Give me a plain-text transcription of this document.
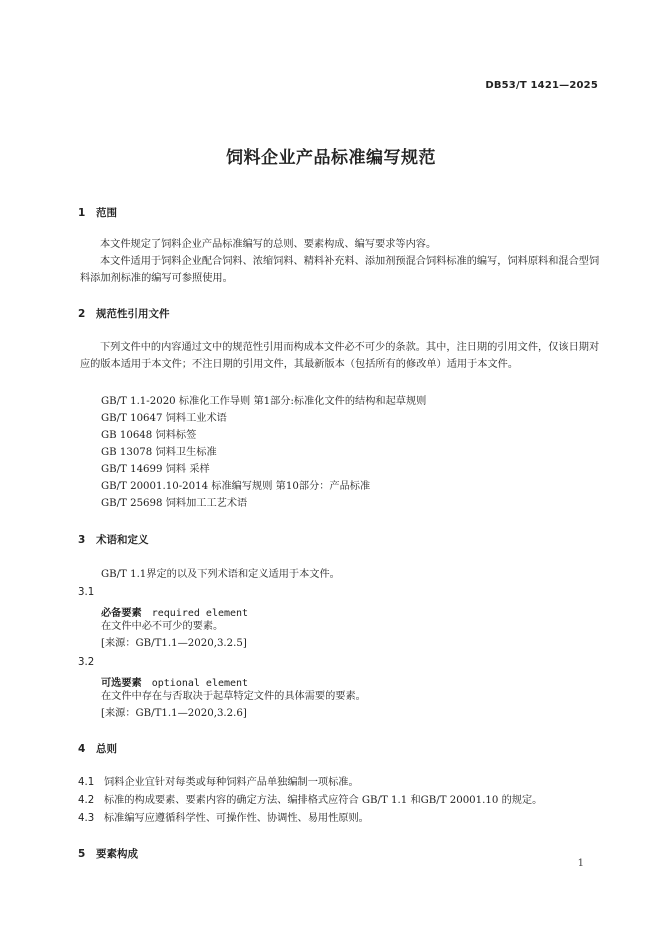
DB53/T 1421—2025
饲料企业产品标准编写规范
1 范围
本文件规定了饲料企业产品标准编写的总则、要素构成、编写要求等内容。
本文件适用于饲料企业配合饲料、浓缩饲料、精料补充料、添加剂预混合饲料标准的编写，饲料原料和混合型饲料添加剂标准的编写可参照使用。
2 规范性引用文件
下列文件中的内容通过文中的规范性引用而构成本文件必不可少的条款。其中，注日期的引用文件，仅该日期对应的版本适用于本文件；不注日期的引用文件，其最新版本（包括所有的修改单）适用于本文件。
GB/T 1.1-2020 标准化工作导则 第1部分:标准化文件的结构和起草规则
GB/T 10647 饲料工业术语
GB 10648 饲料标签
GB 13078 饲料卫生标准
GB/T 14699 饲料 采样
GB/T 20001.10-2014 标准编写规则 第10部分：产品标准
GB/T 25698 饲料加工工艺术语
3 术语和定义
GB/T 1.1界定的以及下列术语和定义适用于本文件。
3.1
必备要素 required element
在文件中必不可少的要素。
[来源：GB/T1.1—2020,3.2.5]
3.2
可选要素 optional element
在文件中存在与否取决于起草特定文件的具体需要的要素。
[来源：GB/T1.1—2020,3.2.6]
4 总则
4.1 饲料企业宜针对每类或每种饲料产品单独编制一项标准。
4.2 标准的构成要素、要素内容的确定方法、编排格式应符合 GB/T 1.1 和GB/T 20001.10 的规定。
4.3 标准编写应遵循科学性、可操作性、协调性、易用性原则。
5 要素构成
1
